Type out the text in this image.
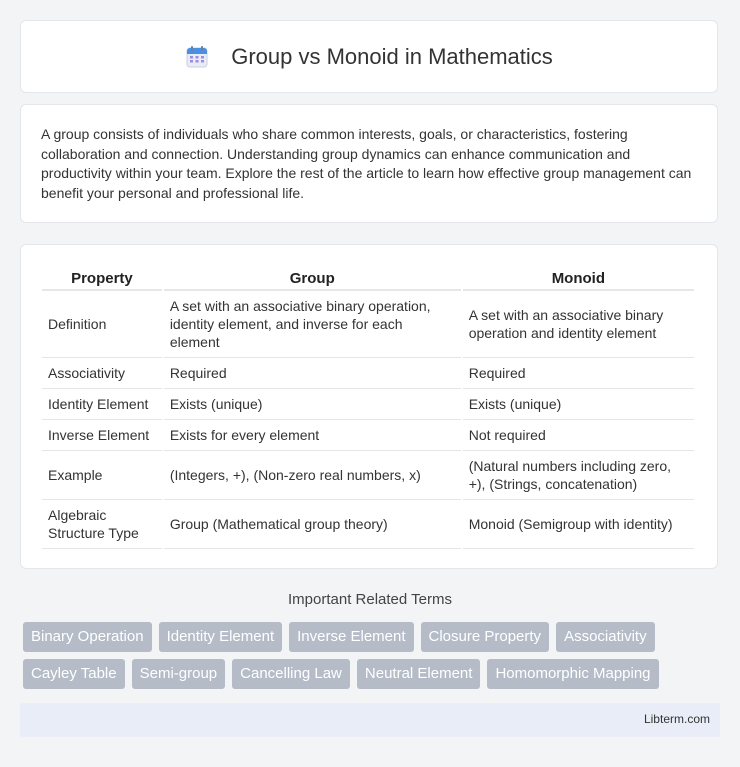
Group vs Monoid in Mathematics

A group consists of individuals who share common interests, goals, or characteristics, fostering collaboration and connection. Understanding group dynamics can enhance communication and productivity within your team. Explore the rest of the article to learn how effective group management can benefit your personal and professional life.

Property	Group	Monoid
Definition	A set with an associative binary operation, identity element, and inverse for each element	A set with an associative binary operation and identity element
Associativity	Required	Required
Identity Element	Exists (unique)	Exists (unique)
Inverse Element	Exists for every element	Not required
Example	(Integers, +), (Non-zero real numbers, x)	(Natural numbers including zero, +), (Strings, concatenation)
Algebraic Structure Type	Group (Mathematical group theory)	Monoid (Semigroup with identity)
Important Related Terms
Binary Operation	Identity Element	Inverse Element	Closure Property	Associativity
Cayley Table	Semi-group	Cancelling Law	Neutral Element	Homomorphic Mapping
Libterm.com
